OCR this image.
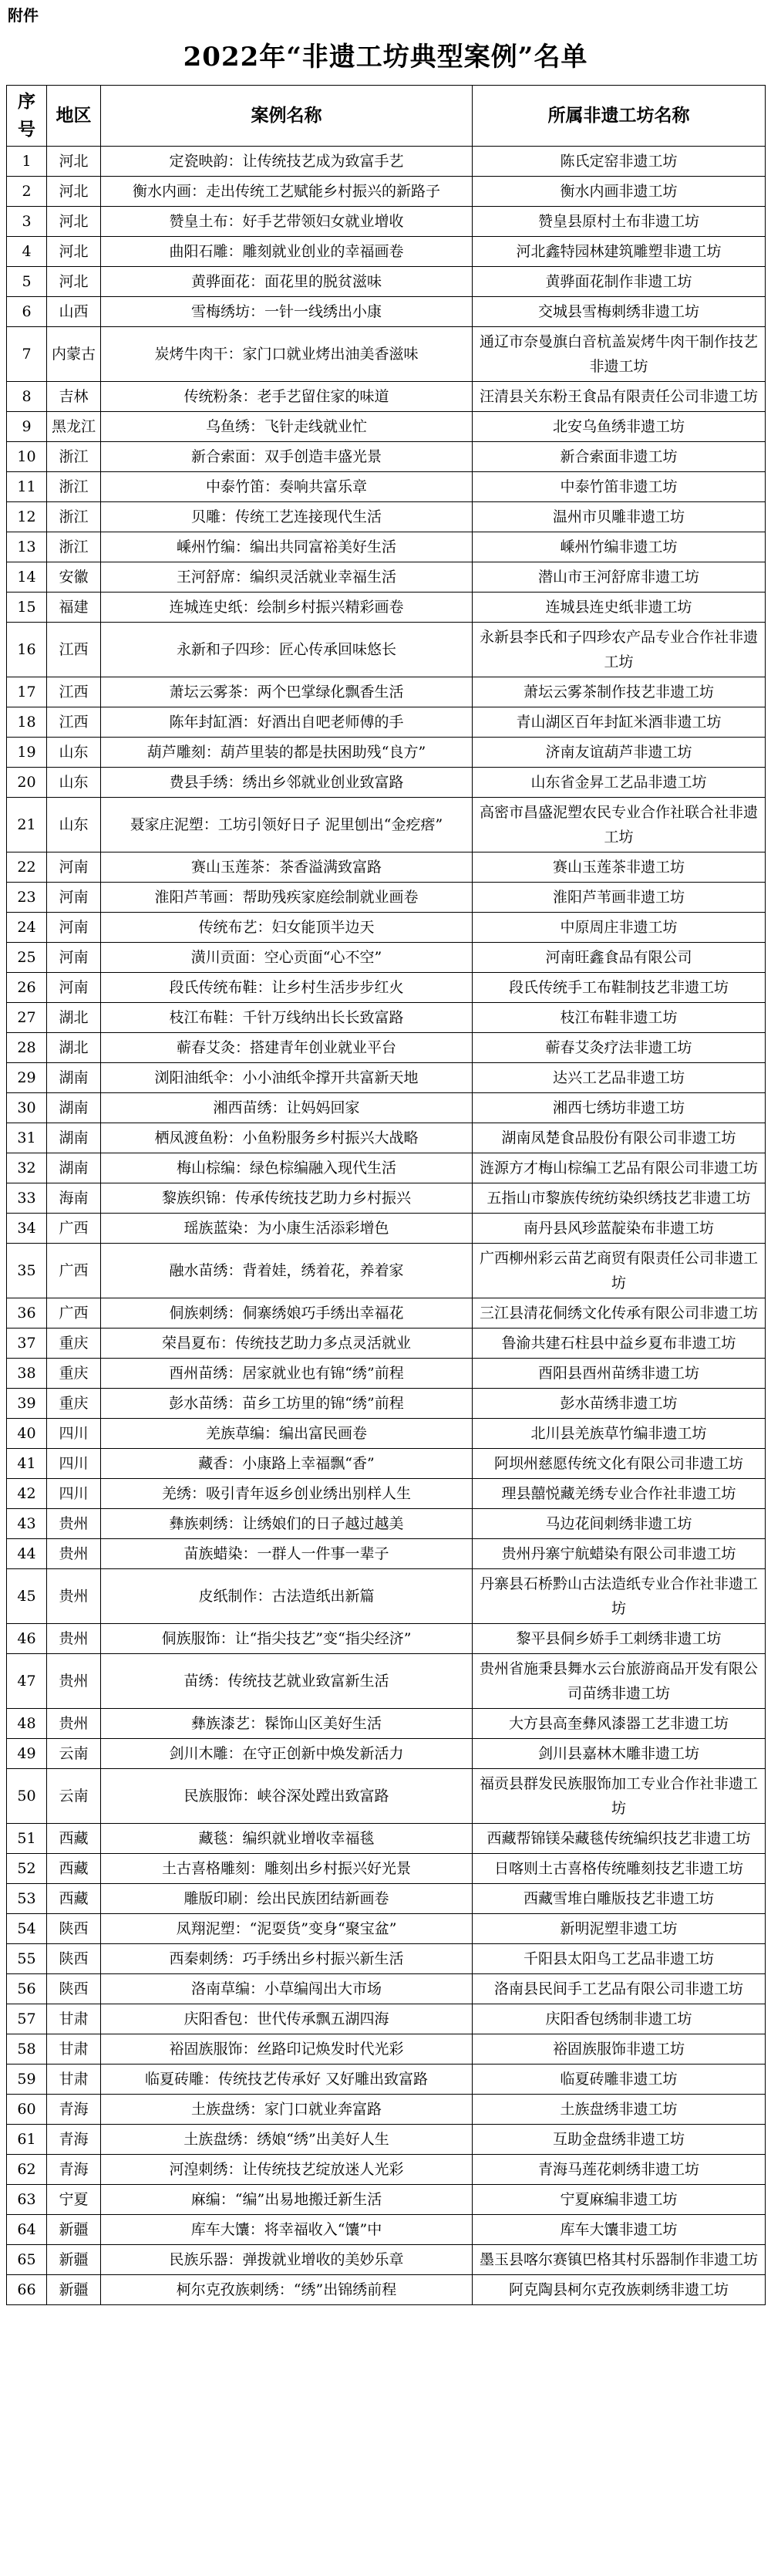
附件
2022年“非遗工坊典型案例”名单
序号	地区	案例名称	所属非遗工坊名称
1	河北	定瓷映韵：让传统技艺成为致富手艺	陈氏定窑非遗工坊
2	河北	衡水内画：走出传统工艺赋能乡村振兴的新路子	衡水内画非遗工坊
3	河北	赞皇土布：好手艺带领妇女就业增收	赞皇县原村土布非遗工坊
4	河北	曲阳石雕：雕刻就业创业的幸福画卷	河北鑫特园林建筑雕塑非遗工坊
5	河北	黄骅面花：面花里的脱贫滋味	黄骅面花制作非遗工坊
6	山西	雪梅绣坊：一针一线绣出小康	交城县雪梅刺绣非遗工坊
7	内蒙古	炭烤牛肉干：家门口就业烤出油美香滋味	通辽市奈曼旗白音杭盖炭烤牛肉干制作技艺非遗工坊
8	吉林	传统粉条：老手艺留住家的味道	汪清县关东粉王食品有限责任公司非遗工坊
9	黑龙江	乌鱼绣：飞针走线就业忙	北安乌鱼绣非遗工坊
10	浙江	新合索面：双手创造丰盛光景	新合索面非遗工坊
11	浙江	中泰竹笛：奏响共富乐章	中泰竹笛非遗工坊
12	浙江	贝雕：传统工艺连接现代生活	温州市贝雕非遗工坊
13	浙江	嵊州竹编：编出共同富裕美好生活	嵊州竹编非遗工坊
14	安徽	王河舒席：编织灵活就业幸福生活	潜山市王河舒席非遗工坊
15	福建	连城连史纸：绘制乡村振兴精彩画卷	连城县连史纸非遗工坊
16	江西	永新和子四珍：匠心传承回味悠长	永新县李氏和子四珍农产品专业合作社非遗工坊
17	江西	萧坛云雾茶：两个巴掌绿化飘香生活	萧坛云雾茶制作技艺非遗工坊
18	江西	陈年封缸酒：好酒出自吧老师傅的手	青山湖区百年封缸米酒非遗工坊
19	山东	葫芦雕刻：葫芦里装的都是扶困助残“良方”	济南友谊葫芦非遗工坊
20	山东	费县手绣：绣出乡邻就业创业致富路	山东省金昇工艺品非遗工坊
21	山东	聂家庄泥塑：工坊引领好日子 泥里刨出“金疙瘩”	高密市昌盛泥塑农民专业合作社联合社非遗工坊
22	河南	赛山玉莲茶：茶香溢满致富路	赛山玉莲茶非遗工坊
23	河南	淮阳芦苇画：帮助残疾家庭绘制就业画卷	淮阳芦苇画非遗工坊
24	河南	传统布艺：妇女能顶半边天	中原周庄非遗工坊
25	河南	潢川贡面：空心贡面“心不空”	河南旺鑫食品有限公司
26	河南	段氏传统布鞋：让乡村生活步步红火	段氏传统手工布鞋制技艺非遗工坊
27	湖北	枝江布鞋：千针万线纳出长长致富路	枝江布鞋非遗工坊
28	湖北	蕲春艾灸：搭建青年创业就业平台	蕲春艾灸疗法非遗工坊
29	湖南	浏阳油纸伞：小小油纸伞撑开共富新天地	达兴工艺品非遗工坊
30	湖南	湘西苗绣：让妈妈回家	湘西七绣坊非遗工坊
31	湖南	栖凤渡鱼粉：小鱼粉服务乡村振兴大战略	湖南凤楚食品股份有限公司非遗工坊
32	湖南	梅山棕编：绿色棕编融入现代生活	涟源方才梅山棕编工艺品有限公司非遗工坊
33	海南	黎族织锦：传承传统技艺助力乡村振兴	五指山市黎族传统纺染织绣技艺非遗工坊
34	广西	瑶族蓝染：为小康生活添彩增色	南丹县风珍蓝靛染布非遗工坊
35	广西	融水苗绣：背着娃，绣着花，养着家	广西柳州彩云苗艺商贸有限责任公司非遗工坊
36	广西	侗族刺绣：侗寨绣娘巧手绣出幸福花	三江县清花侗绣文化传承有限公司非遗工坊
37	重庆	荣昌夏布：传统技艺助力多点灵活就业	鲁渝共建石柱县中益乡夏布非遗工坊
38	重庆	酉州苗绣：居家就业也有锦“绣”前程	酉阳县酉州苗绣非遗工坊
39	重庆	彭水苗绣：苗乡工坊里的锦“绣”前程	彭水苗绣非遗工坊
40	四川	羌族草编：编出富民画卷	北川县羌族草竹编非遗工坊
41	四川	藏香：小康路上幸福飘“香”	阿坝州慈愿传统文化有限公司非遗工坊
42	四川	羌绣：吸引青年返乡创业绣出别样人生	理县囍悦藏羌绣专业合作社非遗工坊
43	贵州	彝族刺绣：让绣娘们的日子越过越美	马边花间刺绣非遗工坊
44	贵州	苗族蜡染：一群人一件事一辈子	贵州丹寨宁航蜡染有限公司非遗工坊
45	贵州	皮纸制作：古法造纸出新篇	丹寨县石桥黔山古法造纸专业合作社非遗工坊
46	贵州	侗族服饰：让“指尖技艺”变“指尖经济”	黎平县侗乡娇手工刺绣非遗工坊
47	贵州	苗绣：传统技艺就业致富新生活	贵州省施秉县舞水云台旅游商品开发有限公司苗绣非遗工坊
48	贵州	彝族漆艺：髹饰山区美好生活	大方县高奎彝风漆器工艺非遗工坊
49	云南	剑川木雕：在守正创新中焕发新活力	剑川县嘉林木雕非遗工坊
50	云南	民族服饰：峡谷深处蹚出致富路	福贡县群发民族服饰加工专业合作社非遗工坊
51	西藏	藏毯：编织就业增收幸福毯	西藏帮锦镁朵藏毯传统编织技艺非遗工坊
52	西藏	土古喜格雕刻：雕刻出乡村振兴好光景	日喀则土古喜格传统雕刻技艺非遗工坊
53	西藏	雕版印刷：绘出民族团结新画卷	西藏雪堆白雕版技艺非遗工坊
54	陕西	凤翔泥塑：“泥耍货”变身“聚宝盆”	新明泥塑非遗工坊
55	陕西	西秦刺绣：巧手绣出乡村振兴新生活	千阳县太阳鸟工艺品非遗工坊
56	陕西	洛南草编：小草编闯出大市场	洛南县民间手工艺品有限公司非遗工坊
57	甘肃	庆阳香包：世代传承飘五湖四海	庆阳香包绣制非遗工坊
58	甘肃	裕固族服饰：丝路印记焕发时代光彩	裕固族服饰非遗工坊
59	甘肃	临夏砖雕：传统技艺传承好 又好雕出致富路	临夏砖雕非遗工坊
60	青海	土族盘绣：家门口就业奔富路	土族盘绣非遗工坊
61	青海	土族盘绣：绣娘“绣”出美好人生	互助金盘绣非遗工坊
62	青海	河湟刺绣：让传统技艺绽放迷人光彩	青海马莲花刺绣非遗工坊
63	宁夏	麻编：“编”出易地搬迁新生活	宁夏麻编非遗工坊
64	新疆	库车大馕：将幸福收入“馕”中	库车大馕非遗工坊
65	新疆	民族乐器：弹拨就业增收的美妙乐章	墨玉县喀尔赛镇巴格其村乐器制作非遗工坊
66	新疆	柯尔克孜族刺绣：“绣”出锦绣前程	阿克陶县柯尔克孜族刺绣非遗工坊
